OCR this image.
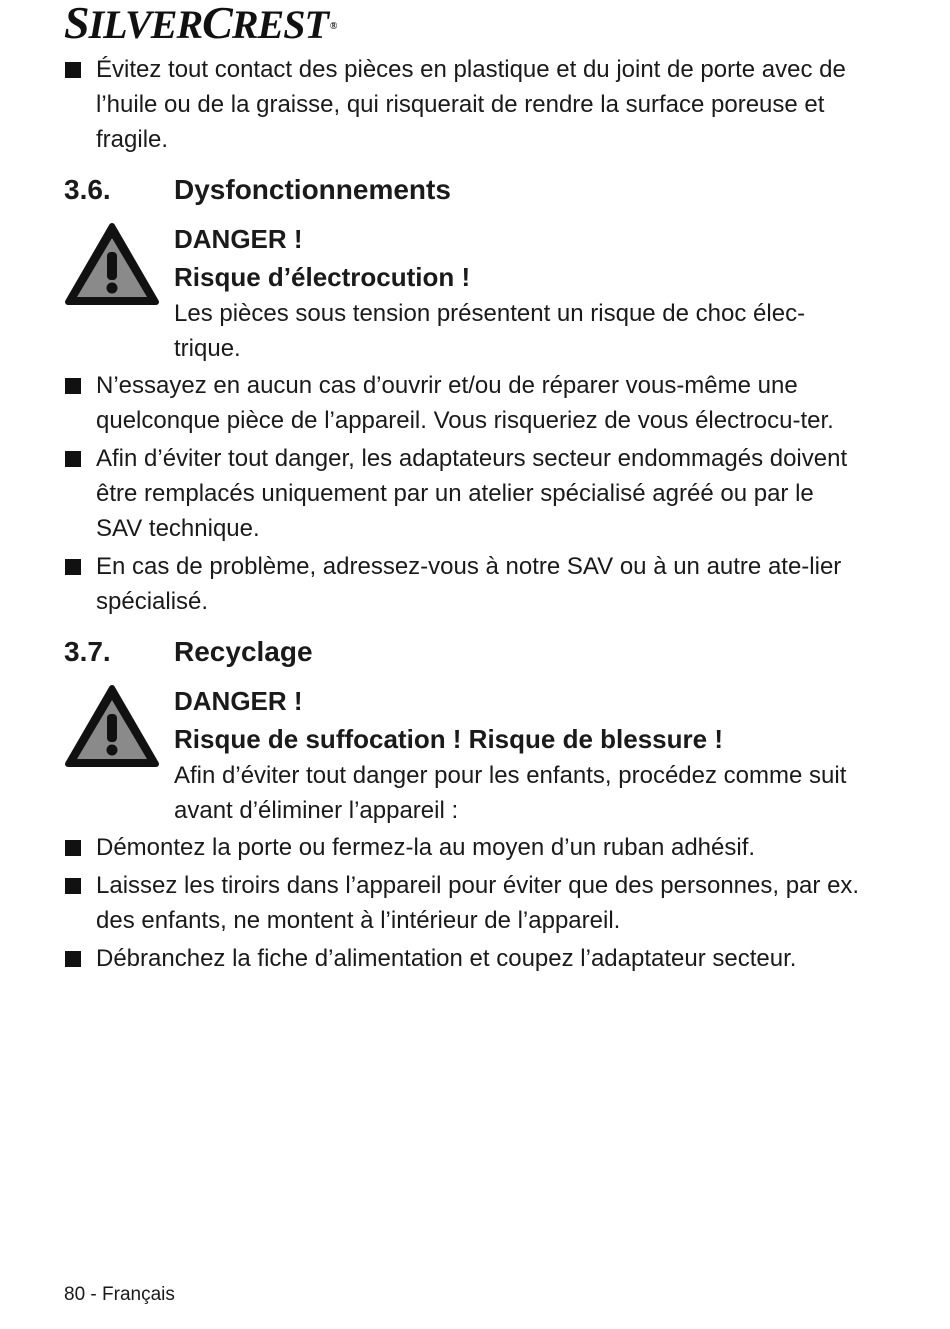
SILVERCREST ®
Évitez tout contact des pièces en plastique et du joint de porte avec de l’huile ou de la graisse, qui risquerait de rendre la surface poreuse et fragile.
3.6.	Dysfonctionnements
DANGER !
Risque d’électrocution !
Les pièces sous tension présentent un risque de choc élec-trique.
N’essayez en aucun cas d’ouvrir et/ou de réparer vous-même une quelconque pièce de l’appareil. Vous risqueriez de vous électrocu-ter.
Afin d’éviter tout danger, les adaptateurs secteur endommagés doivent être remplacés uniquement par un atelier spécialisé agréé ou par le SAV technique.
En cas de problème, adressez-vous à notre SAV ou à un autre ate-lier spécialisé.
3.7.	Recyclage
DANGER !
Risque de suffocation ! Risque de blessure !
Afin d’éviter tout danger pour les enfants, procédez comme suit avant d’éliminer l’appareil :
Démontez la porte ou fermez-la au moyen d’un ruban adhésif.
Laissez les tiroirs dans l’appareil pour éviter que des personnes, par ex. des enfants, ne montent à l’intérieur de l’appareil.
Débranchez la fiche d’alimentation et coupez l’adaptateur secteur.
80 - Français
